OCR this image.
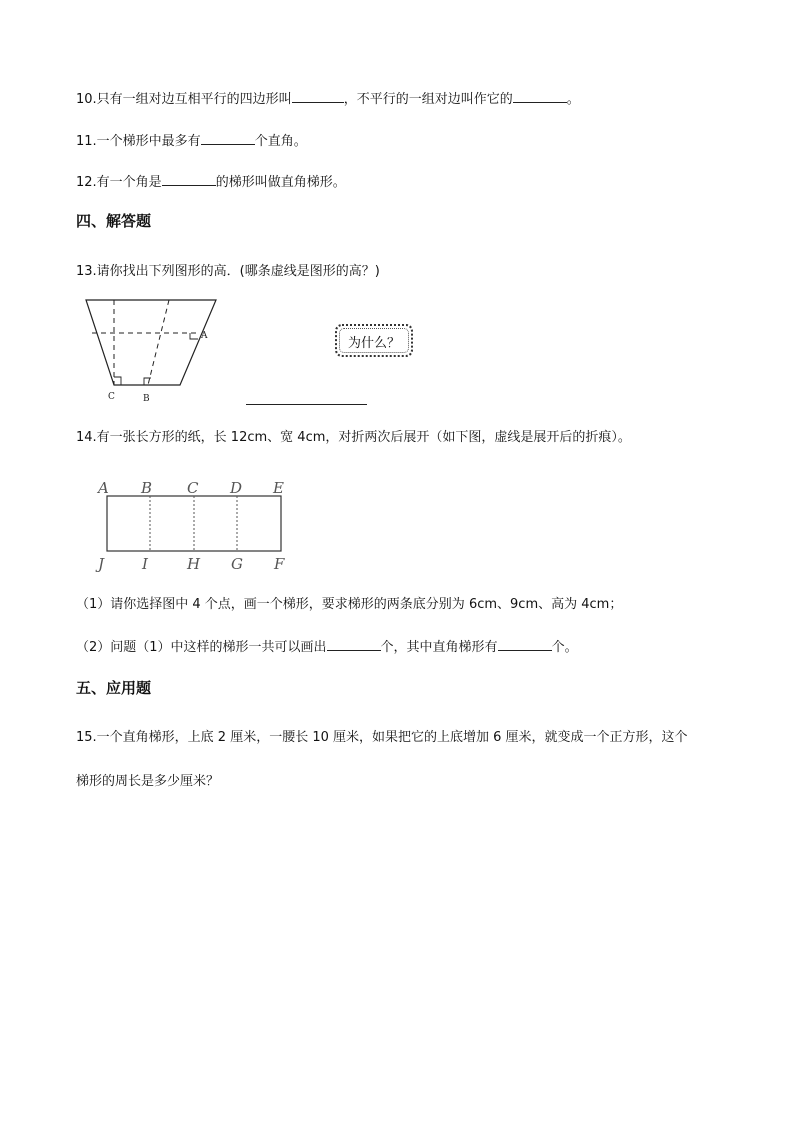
10.只有一组对边互相平行的四边形叫	，不平行的一组对边叫作它的	。
11.一个梯形中最多有	个直角。
12.有一个角是	的梯形叫做直角梯形。
四、解答题
13.请你找出下列图形的高．(哪条虚线是图形的高？)
A
C	B
为什么？
14.有一张长方形的纸，长 12cm、宽 4cm，对折两次后展开（如下图，虚线是展开后的折痕）。
A B C D E
J	I	H G F
（1）请你选择图中 4 个点，画一个梯形，要求梯形的两条底分别为 6cm、9cm、高为 4cm；
（2）问题（1）中这样的梯形一共可以画出	个，其中直角梯形有	个。
五、应用题
15.一个直角梯形，上底 2 厘米，一腰长 10 厘米，如果把它的上底增加 6 厘米，就变成一个正方形，这个
梯形的周长是多少厘米？
